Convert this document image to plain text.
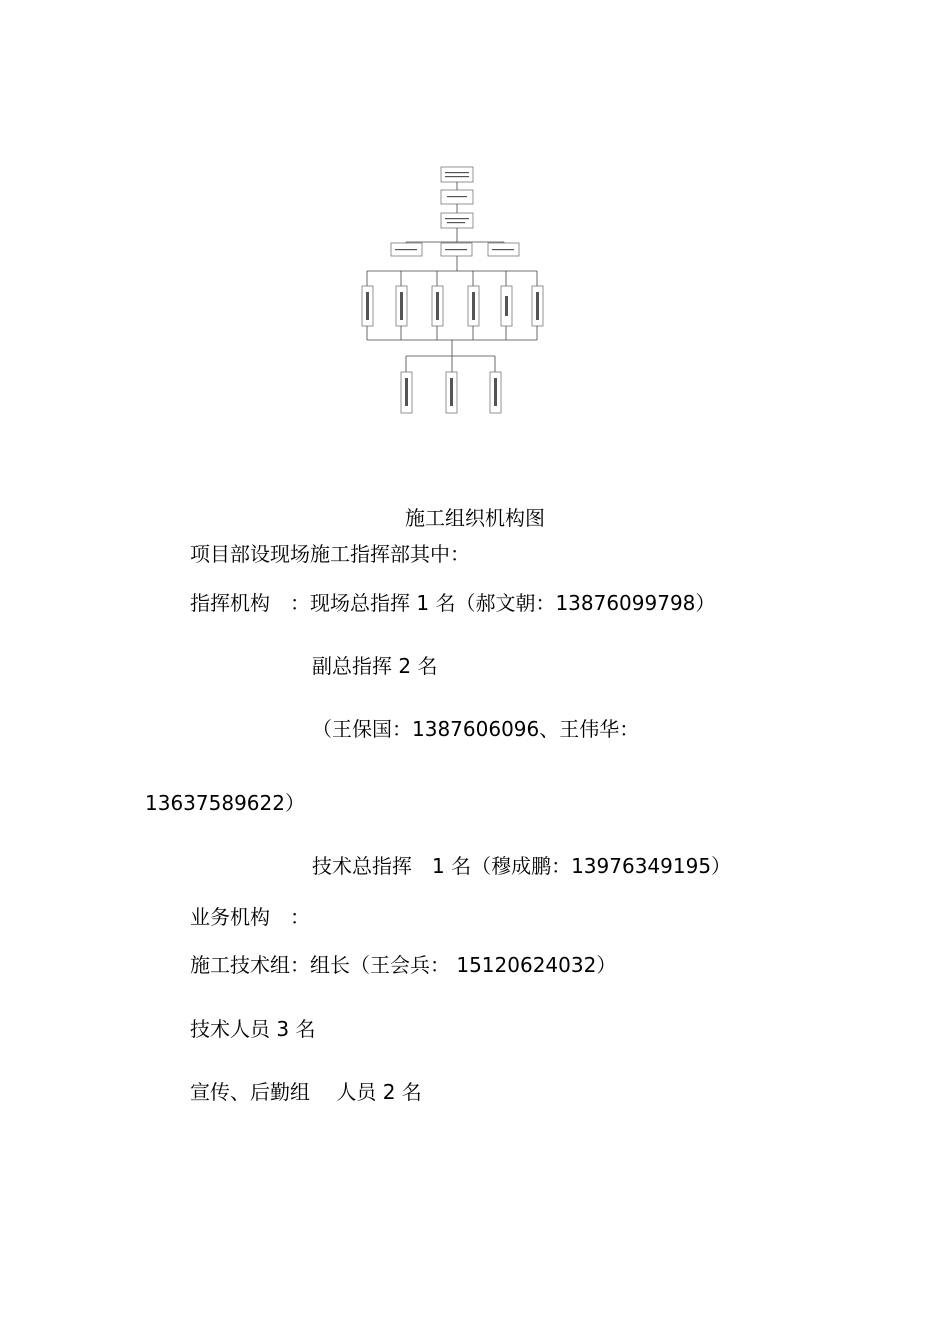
施工组织机构图
项目部设现场施工指挥部其中：
指挥机构　：现场总指挥 1 名（郝文朝：13876099798）
副总指挥 2 名
（王保国：1387606096、王伟华：
13637589622）
技术总指挥　1 名（穆成鹏：13976349195）
业务机构　：
施工技术组：组长（王会兵： 15120624032）
技术人员 3 名
宣传、后勤组　 人员 2 名
